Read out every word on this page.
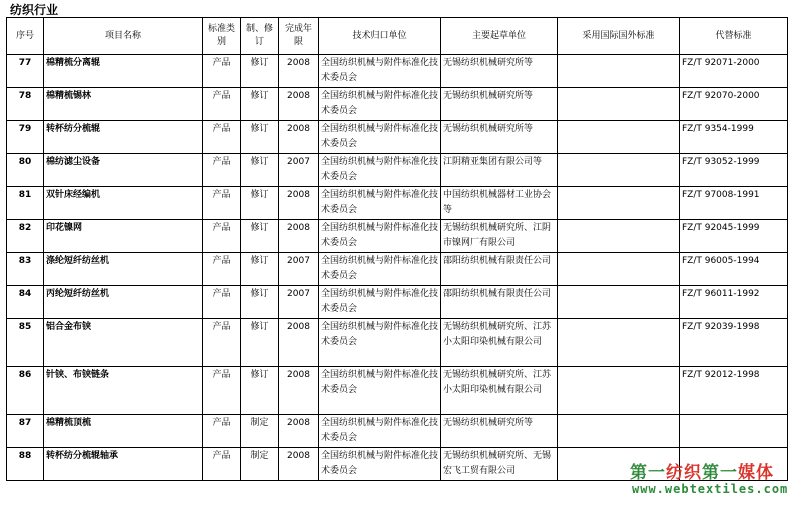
纺织行业
序号	项目名称	标准类别	制、修订	完成年限	技术归口单位	主要起草单位	采用国际国外标准	代替标准
77	棉精梳分离辊	产品	修订	2008	全国纺织机械与附件标准化技术委员会	无锡纺织机械研究所等		FZ/T 92071-2000
78	棉精梳锡林	产品	修订	2008	全国纺织机械与附件标准化技术委员会	无锡纺织机械研究所等		FZ/T 92070-2000
79	转杯纺分梳辊	产品	修订	2008	全国纺织机械与附件标准化技术委员会	无锡纺织机械研究所等		FZ/T 9354-1999
80	棉纺滤尘设备	产品	修订	2007	全国纺织机械与附件标准化技术委员会	江阴精亚集团有限公司等		FZ/T 93052-1999
81	双针床经编机	产品	修订	2008	全国纺织机械与附件标准化技术委员会	中国纺织机械器材工业协会等		FZ/T 97008-1991
82	印花镍网	产品	修订	2008	全国纺织机械与附件标准化技术委员会	无锡纺织机械研究所、江阴市镍网厂有限公司		FZ/T 92045-1999
83	涤纶短纤纺丝机	产品	修订	2007	全国纺织机械与附件标准化技术委员会	邵阳纺织机械有限责任公司		FZ/T 96005-1994
84	丙纶短纤纺丝机	产品	修订	2007	全国纺织机械与附件标准化技术委员会	邵阳纺织机械有限责任公司		FZ/T 96011-1992
85	铝合金布铗	产品	修订	2008	全国纺织机械与附件标准化技术委员会	无锡纺织机械研究所、江苏小太阳印染机械有限公司		FZ/T 92039-1998
86	针铗、布铗链条	产品	修订	2008	全国纺织机械与附件标准化技术委员会	无锡纺织机械研究所、江苏小太阳印染机械有限公司		FZ/T 92012-1998
87	棉精梳顶梳	产品	制定	2008	全国纺织机械与附件标准化技术委员会	无锡纺织机械研究所等		
88	转杯纺分梳辊轴承	产品	制定	2008	全国纺织机械与附件标准化技术委员会	无锡纺织机械研究所、无锡宏飞工贸有限公司			第一纺织第一媒体
www.webtextiles.com
